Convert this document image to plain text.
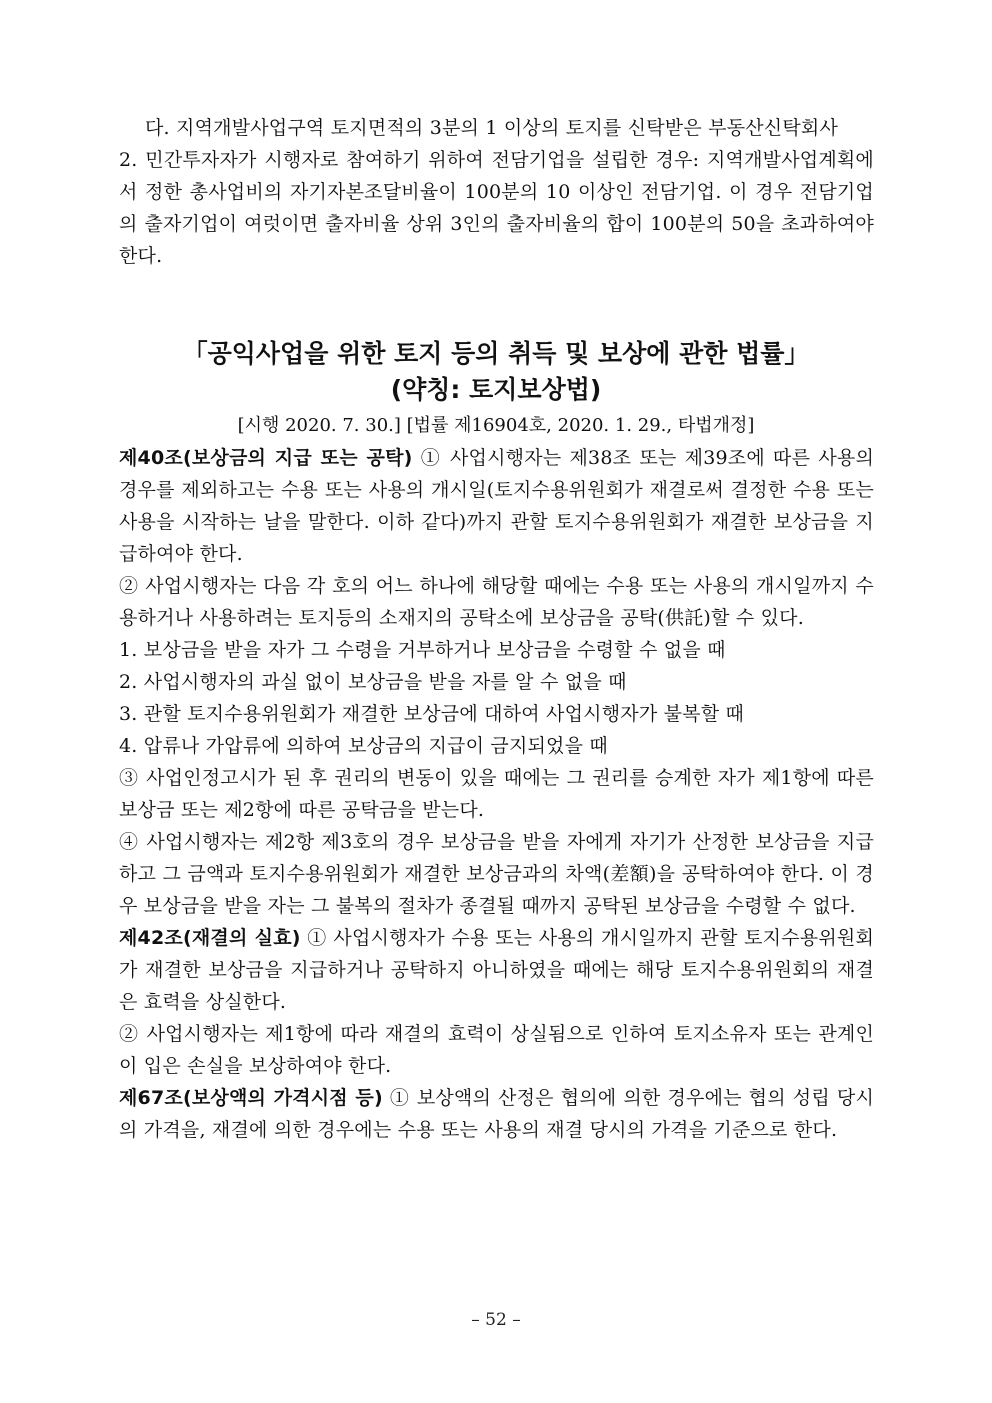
다. 지역개발사업구역 토지면적의 3분의 1 이상의 토지를 신탁받은 부동산신탁회사

2. 민간투자자가 시행자로 참여하기 위하여 전담기업을 설립한 경우: 지역개발사업계획에서 정한 총사업비의 자기자본조달비율이 100분의 10 이상인 전담기업. 이 경우 전담기업의 출자기업이 여럿이면 출자비율 상위 3인의 출자비율의 합이 100분의 50을 초과하여야 한다.

「공익사업을 위한 토지 등의 취득 및 보상에 관한 법률」
(약칭: 토지보상법)
[시행 2020. 7. 30.] [법률 제16904호, 2020. 1. 29., 타법개정]

제40조(보상금의 지급 또는 공탁) ① 사업시행자는 제38조 또는 제39조에 따른 사용의 경우를 제외하고는 수용 또는 사용의 개시일(토지수용위원회가 재결로써 결정한 수용 또는 사용을 시작하는 날을 말한다. 이하 같다)까지 관할 토지수용위원회가 재결한 보상금을 지급하여야 한다.

② 사업시행자는 다음 각 호의 어느 하나에 해당할 때에는 수용 또는 사용의 개시일까지 수용하거나 사용하려는 토지등의 소재지의 공탁소에 보상금을 공탁(供託)할 수 있다.

1. 보상금을 받을 자가 그 수령을 거부하거나 보상금을 수령할 수 없을 때

2. 사업시행자의 과실 없이 보상금을 받을 자를 알 수 없을 때

3. 관할 토지수용위원회가 재결한 보상금에 대하여 사업시행자가 불복할 때

4. 압류나 가압류에 의하여 보상금의 지급이 금지되었을 때

③ 사업인정고시가 된 후 권리의 변동이 있을 때에는 그 권리를 승계한 자가 제1항에 따른 보상금 또는 제2항에 따른 공탁금을 받는다.

④ 사업시행자는 제2항 제3호의 경우 보상금을 받을 자에게 자기가 산정한 보상금을 지급하고 그 금액과 토지수용위원회가 재결한 보상금과의 차액(差額)을 공탁하여야 한다. 이 경우 보상금을 받을 자는 그 불복의 절차가 종결될 때까지 공탁된 보상금을 수령할 수 없다.

제42조(재결의 실효) ① 사업시행자가 수용 또는 사용의 개시일까지 관할 토지수용위원회가 재결한 보상금을 지급하거나 공탁하지 아니하였을 때에는 해당 토지수용위원회의 재결은 효력을 상실한다.

② 사업시행자는 제1항에 따라 재결의 효력이 상실됨으로 인하여 토지소유자 또는 관계인이 입은 손실을 보상하여야 한다.

제67조(보상액의 가격시점 등) ① 보상액의 산정은 협의에 의한 경우에는 협의 성립 당시의 가격을, 재결에 의한 경우에는 수용 또는 사용의 재결 당시의 가격을 기준으로 한다.

– 52 –
